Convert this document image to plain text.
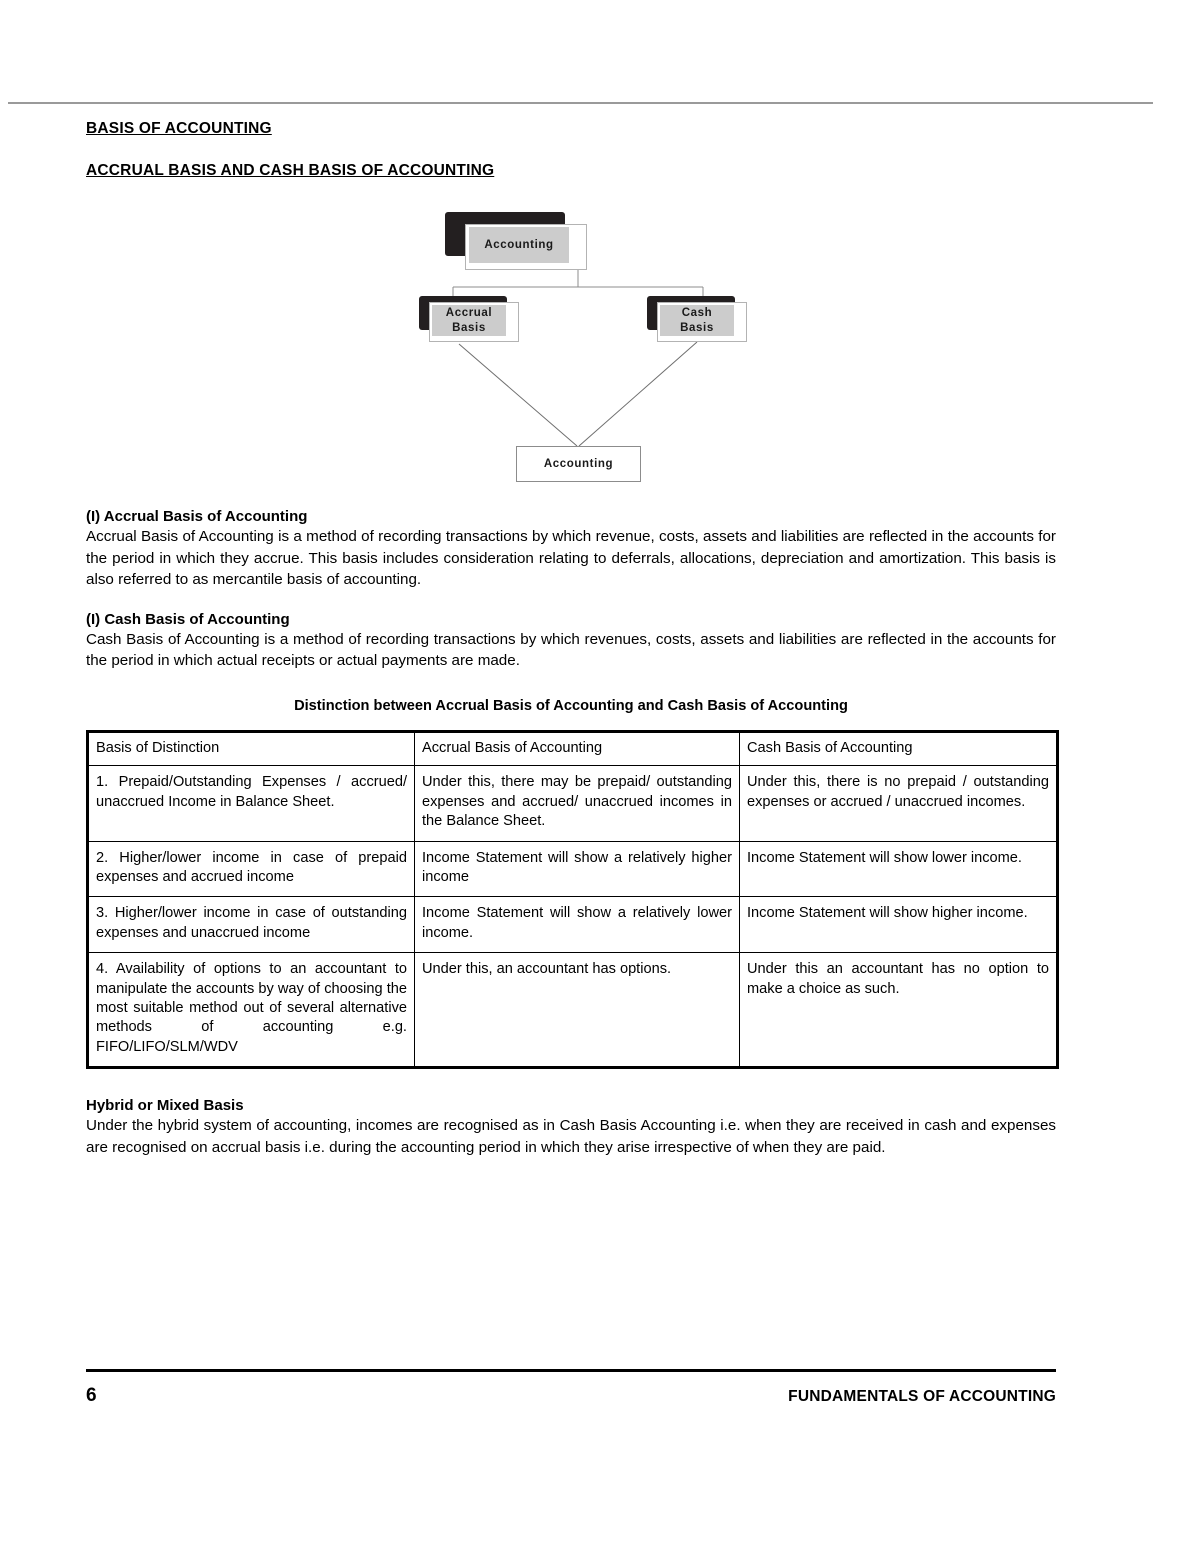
BASIS OF ACCOUNTING
ACCRUAL BASIS AND CASH BASIS OF ACCOUNTING
Accounting
Accrual
Basis
Cash
Basis
Accounting
(I) Accrual Basis of Accounting

Accrual Basis of Accounting is a method of recording transactions by which revenue, costs, assets and liabilities are reflected in the accounts for the period in which they accrue. This basis includes consideration relating to deferrals, allocations, depreciation and amortization. This basis is also referred to as mercantile basis of accounting.

(I) Cash Basis of Accounting

Cash Basis of Accounting is a method of recording transactions by which revenues, costs, assets and liabilities are reflected in the accounts for the period in which actual receipts or actual payments are made.

Distinction between Accrual Basis of Accounting and Cash Basis of Accounting
Basis of Distinction	Accrual Basis of Accounting	Cash Basis of Accounting
1. Prepaid/Outstanding Expenses / accrued/ unaccrued Income in Balance Sheet.	Under this, there may be prepaid/ outstanding expenses and accrued/ unaccrued incomes in the Balance Sheet.	Under this, there is no prepaid / outstanding expenses or accrued / unaccrued incomes.
2. Higher/lower income in case of prepaid expenses and accrued income	Income Statement will show a relatively higher income	Income Statement will show lower income.
3. Higher/lower income in case of outstanding expenses and unaccrued income	Income Statement will show a relatively lower income.	Income Statement will show higher income.
4. Availability of options to an accountant to manipulate the accounts by way of choosing the most suitable method out of several alternative methods of accounting e.g. FIFO/LIFO/SLM/WDV	Under this, an accountant has options.	Under this an accountant has no option to make a choice as such.
Hybrid or Mixed Basis

Under the hybrid system of accounting, incomes are recognised as in Cash Basis Accounting i.e. when they are received in cash and expenses are recognised on accrual basis i.e. during the accounting period in which they arise irrespective of when they are paid.

6	FUNDAMENTALS OF ACCOUNTING
